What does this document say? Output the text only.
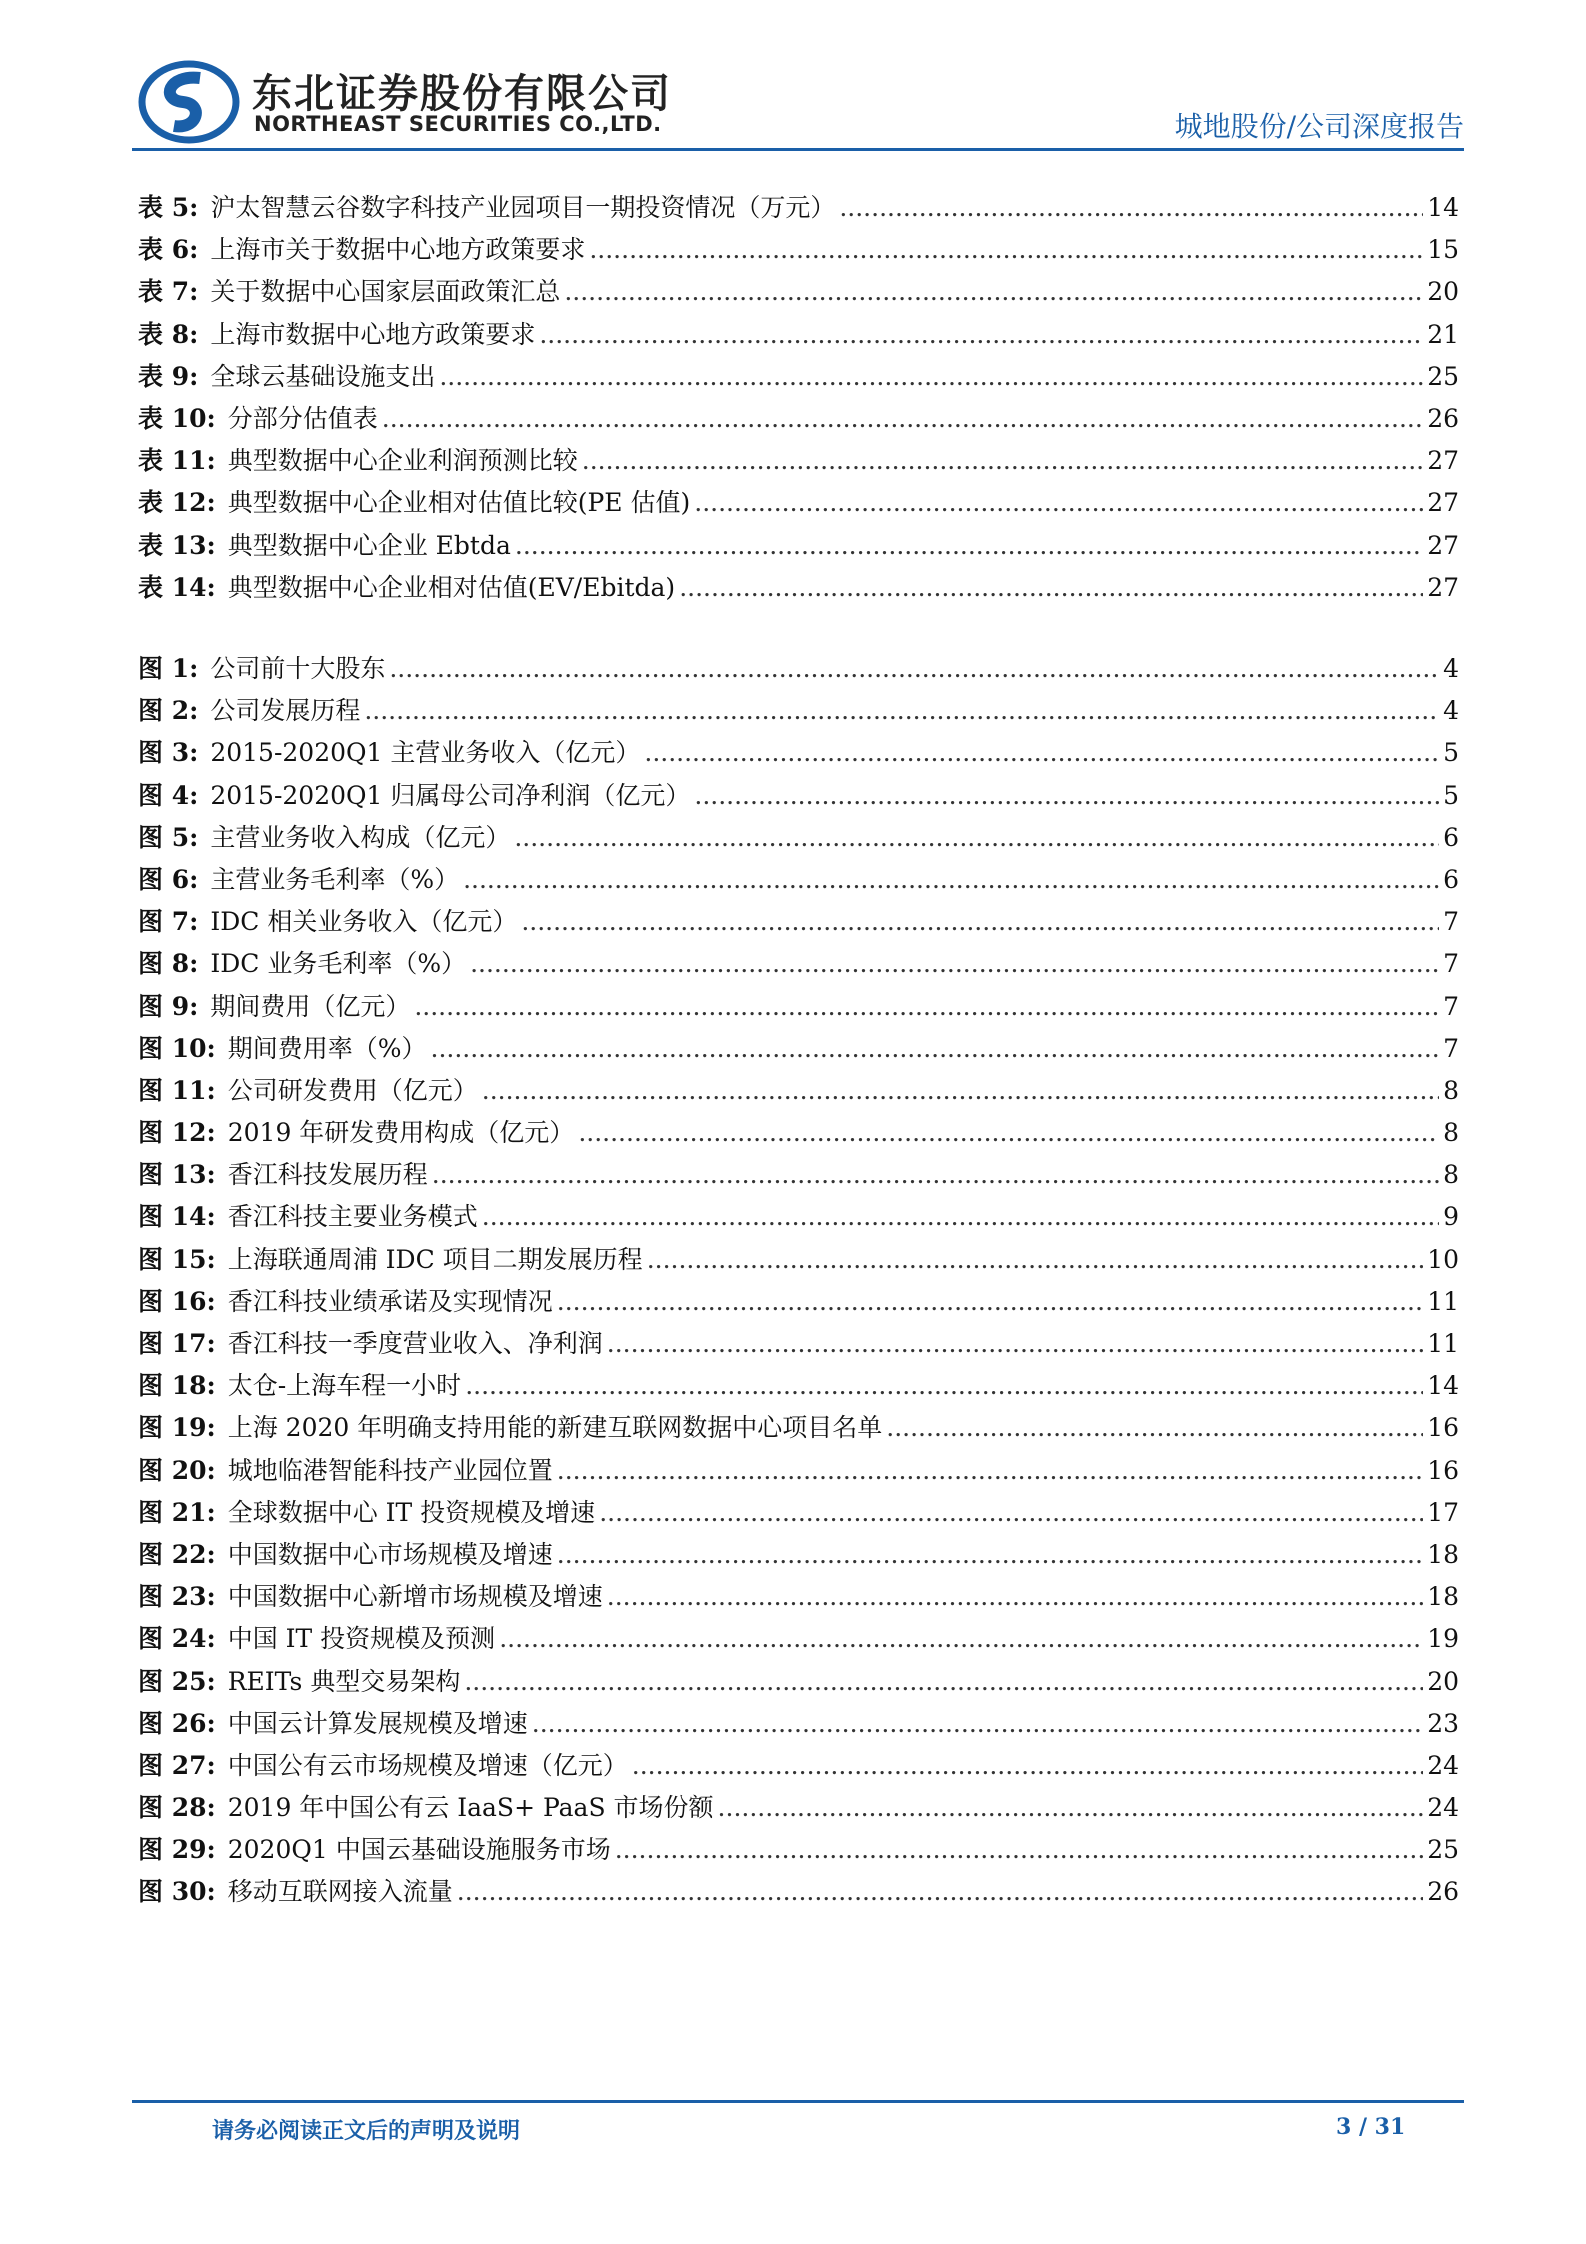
东北证券股份有限公司
NORTHEAST SECURITIES CO.,LTD.	城地股份/公司深度报告
表 5: 沪太智慧云谷数字科技产业园项目一期投资情况（万元） .....	14
表 6: 上海市关于数据中心地方政策要求 .....	15
表 7: 关于数据中心国家层面政策汇总 .....	20
表 8: 上海市数据中心地方政策要求 .....	21
表 9: 全球云基础设施支出 .....	25
表 10: 分部分估值表 .....	26
表 11: 典型数据中心企业利润预测比较 .....	27
表 12: 典型数据中心企业相对估值比较(PE 估值) .....	27
表 13: 典型数据中心企业 Ebtda .....	27
表 14: 典型数据中心企业相对估值(EV/Ebitda) .....	27
图 1: 公司前十大股东 .....	4
图 2: 公司发展历程 .....	4
图 3: 2015-2020Q1 主营业务收入（亿元） .....	5
图 4: 2015-2020Q1 归属母公司净利润（亿元） .....	5
图 5: 主营业务收入构成（亿元） .....	6
图 6: 主营业务毛利率（%） .....	6
图 7: IDC 相关业务收入（亿元） .....	7
图 8: IDC 业务毛利率（%） .....	7
图 9: 期间费用（亿元） .....	7
图 10: 期间费用率（%） .....	7
图 11: 公司研发费用（亿元） .....	8
图 12: 2019 年研发费用构成（亿元） .....	8
图 13: 香江科技发展历程 .....	8
图 14: 香江科技主要业务模式 .....	9
图 15: 上海联通周浦 IDC 项目二期发展历程 .....	10
图 16: 香江科技业绩承诺及实现情况 .....	11
图 17: 香江科技一季度营业收入、净利润 .....	11
图 18: 太仓-上海车程一小时 .....	14
图 19: 上海 2020 年明确支持用能的新建互联网数据中心项目名单 .....	16
图 20: 城地临港智能科技产业园位置 .....	16
图 21: 全球数据中心 IT 投资规模及增速 .....	17
图 22: 中国数据中心市场规模及增速 .....	18
图 23: 中国数据中心新增市场规模及增速 .....	18
图 24: 中国 IT 投资规模及预测 .....	19
图 25: REITs 典型交易架构 .....	20
图 26: 中国云计算发展规模及增速 .....	23
图 27: 中国公有云市场规模及增速（亿元） .....	24
图 28: 2019 年中国公有云 IaaS+ PaaS 市场份额 .....	24
图 29: 2020Q1 中国云基础设施服务市场 .....	25
图 30: 移动互联网接入流量 .....	26
请务必阅读正文后的声明及说明	3 / 31
